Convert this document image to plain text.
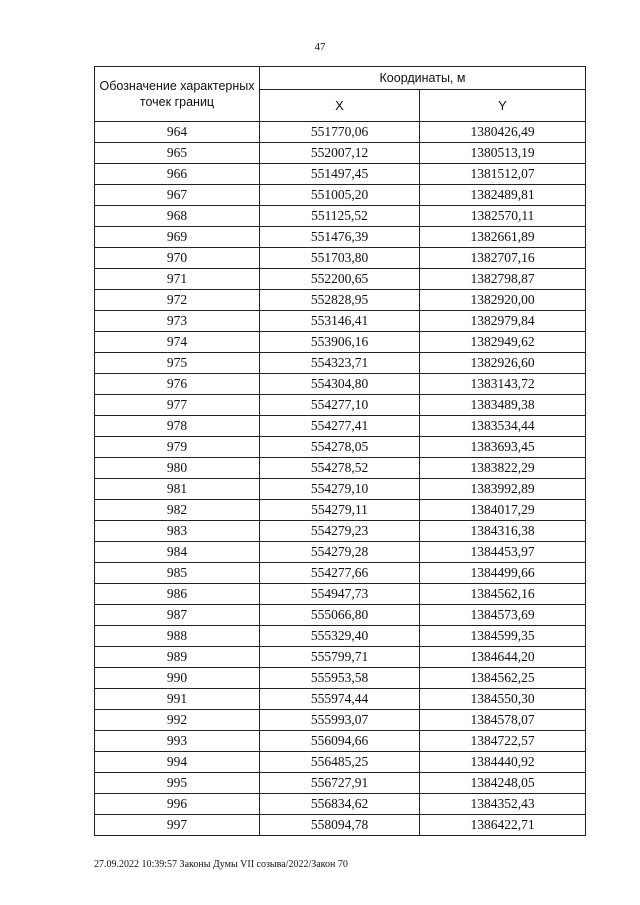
47
Обозначение характерных точек границ	Координаты, м	
	X	Y
964	551770,06	1380426,49
965	552007,12	1380513,19
966	551497,45	1381512,07
967	551005,20	1382489,81
968	551125,52	1382570,11
969	551476,39	1382661,89
970	551703,80	1382707,16
971	552200,65	1382798,87
972	552828,95	1382920,00
973	553146,41	1382979,84
974	553906,16	1382949,62
975	554323,71	1382926,60
976	554304,80	1383143,72
977	554277,10	1383489,38
978	554277,41	1383534,44
979	554278,05	1383693,45
980	554278,52	1383822,29
981	554279,10	1383992,89
982	554279,11	1384017,29
983	554279,23	1384316,38
984	554279,28	1384453,97
985	554277,66	1384499,66
986	554947,73	1384562,16
987	555066,80	1384573,69
988	555329,40	1384599,35
989	555799,71	1384644,20
990	555953,58	1384562,25
991	555974,44	1384550,30
992	555993,07	1384578,07
993	556094,66	1384722,57
994	556485,25	1384440,92
995	556727,91	1384248,05
996	556834,62	1384352,43
997	558094,78	1386422,71
27.09.2022 10:39:57 Законы Думы VII созыва/2022/Закон 70
